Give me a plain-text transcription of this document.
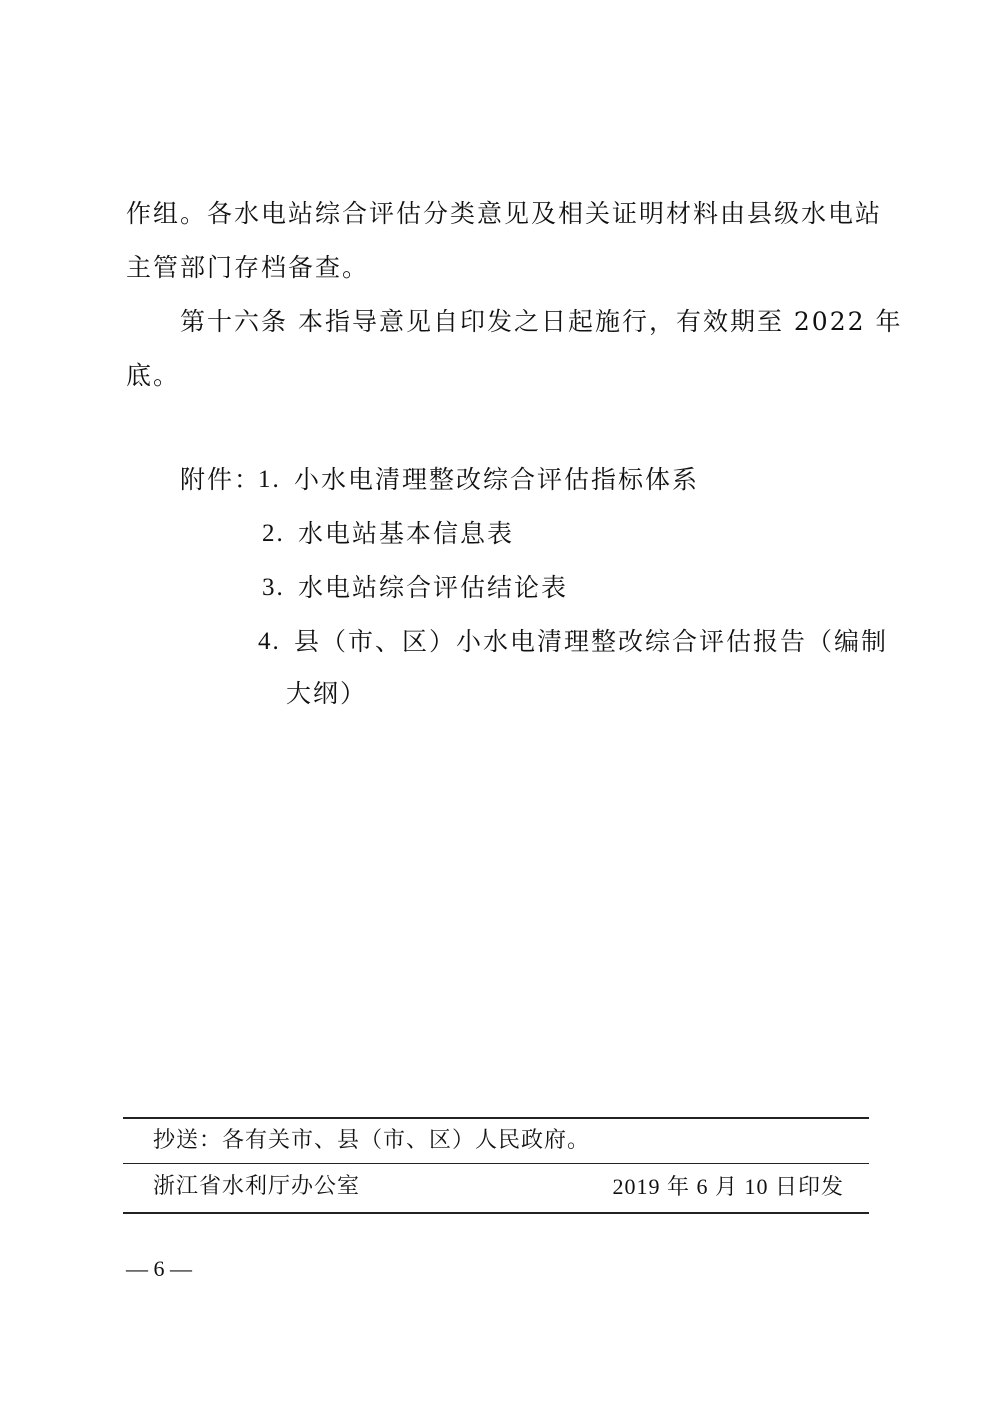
作组。各水电站综合评估分类意见及相关证明材料由县级水电站
主管部门存档备查。
第十六条 本指导意见自印发之日起施行，有效期至 2022 年
底。
附件：
1. 小水电清理整改综合评估指标体系
2. 水电站基本信息表
3. 水电站综合评估结论表
4. 县（市、区）小水电清理整改综合评估报告（编制
大纲）
抄送：各有关市、县（市、区）人民政府。
浙江省水利厅办公室	2019 年 6 月 10 日印发
— 6 —
